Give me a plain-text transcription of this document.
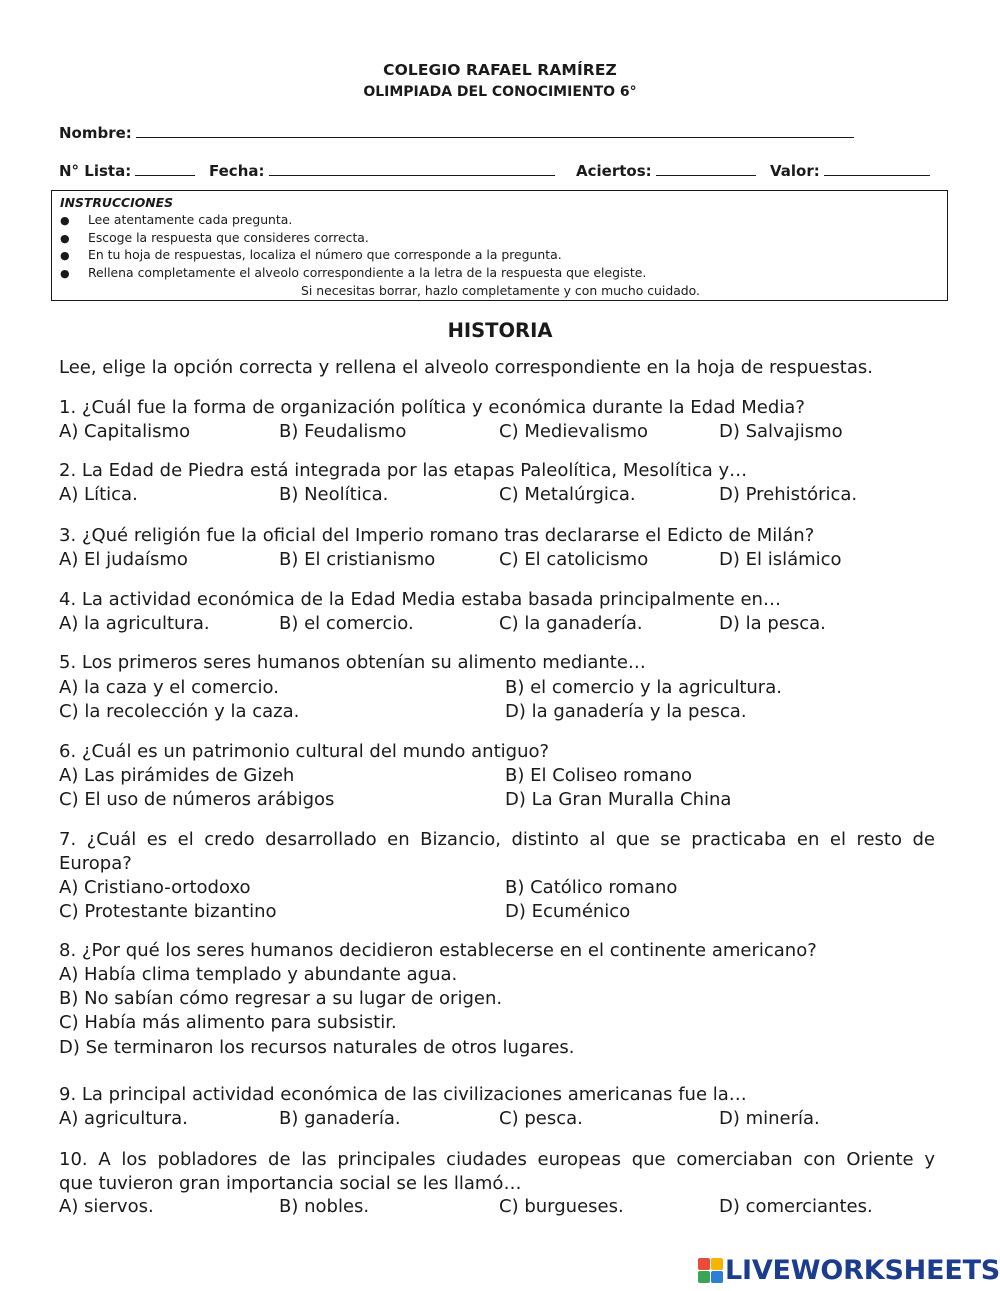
COLEGIO RAFAEL RAMÍREZ
OLIMPIADA DEL CONOCIMIENTO 6°
Nombre:
N° Lista:	Fecha:	Aciertos:	Valor:
INSTRUCCIONES
● Lee atentamente cada pregunta.
● Escoge la respuesta que consideres correcta.
● En tu hoja de respuestas, localiza el número que corresponde a la pregunta.
● Rellena completamente el alveolo correspondiente a la letra de la respuesta que elegiste.
Si necesitas borrar, hazlo completamente y con mucho cuidado.
HISTORIA
Lee, elige la opción correcta y rellena el alveolo correspondiente en la hoja de respuestas.
1. ¿Cuál fue la forma de organización política y económica durante la Edad Media?
A) Capitalismo	B) Feudalismo	C) Medievalismo	D) Salvajismo
2. La Edad de Piedra está integrada por las etapas Paleolítica, Mesolítica y…
A) Lítica.	B) Neolítica.	C) Metalúrgica.	D) Prehistórica.
3. ¿Qué religión fue la oficial del Imperio romano tras declararse el Edicto de Milán?
A) El judaísmo	B) El cristianismo	C) El catolicismo	D) El islámico
4. La actividad económica de la Edad Media estaba basada principalmente en…
A) la agricultura.	B) el comercio.	C) la ganadería.	D) la pesca.
5. Los primeros seres humanos obtenían su alimento mediante…
A) la caza y el comercio.	B) el comercio y la agricultura.
C) la recolección y la caza.	D) la ganadería y la pesca.
6. ¿Cuál es un patrimonio cultural del mundo antiguo?
A) Las pirámides de Gizeh	B) El Coliseo romano
C) El uso de números arábigos	D) La Gran Muralla China
7. ¿Cuál es el credo desarrollado en Bizancio, distinto al que se practicaba en el resto de
Europa?
A) Cristiano-ortodoxo	B) Católico romano
C) Protestante bizantino	D) Ecuménico
8. ¿Por qué los seres humanos decidieron establecerse en el continente americano?
A) Había clima templado y abundante agua.
B) No sabían cómo regresar a su lugar de origen.
C) Había más alimento para subsistir.
D) Se terminaron los recursos naturales de otros lugares.
9. La principal actividad económica de las civilizaciones americanas fue la…
A) agricultura.	B) ganadería.	C) pesca.	D) minería.
10. A los pobladores de las principales ciudades europeas que comerciaban con Oriente y
que tuvieron gran importancia social se les llamó…
A) siervos.	B) nobles.	C) burgueses.	D) comerciantes.
LIVEWORKSHEETS
